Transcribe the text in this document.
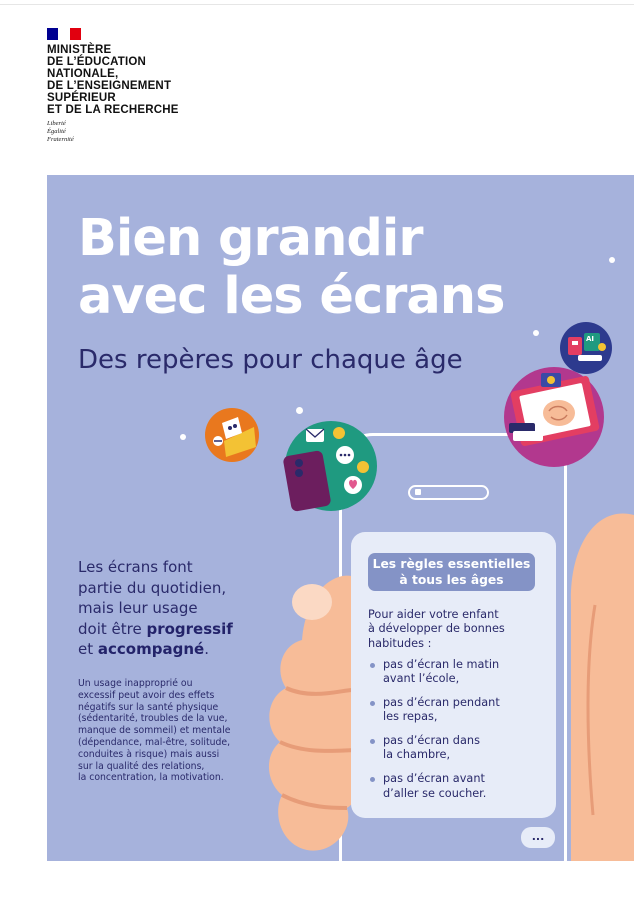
MINISTÈRE
DE L’ÉDUCATION
NATIONALE,
DE L’ENSEIGNEMENT
SUPÉRIEUR
ET DE LA RECHERCHE
Liberté
Égalité
Fraternité
AI
Bien grandir
avec les écrans
Des repères pour chaque âge

Les écrans font
partie du quotidien,
mais leur usage
doit être progressif
et accompagné.

Un usage inapproprié ou
excessif peut avoir des effets
négatifs sur la santé physique
(sédentarité, troubles de la vue,
manque de sommeil) et mentale
(dépendance, mal-être, solitude,
conduites à risque) mais aussi
sur la qualité des relations,
la concentration, la motivation.

Les règles essentielles
à tous les âges
Pour aider votre enfant
à développer de bonnes
habitudes :
pas d’écran le matin
avant l’école,
pas d’écran pendant
les repas,
pas d’écran dans
la chambre,
pas d’écran avant
d’aller se coucher.
...
